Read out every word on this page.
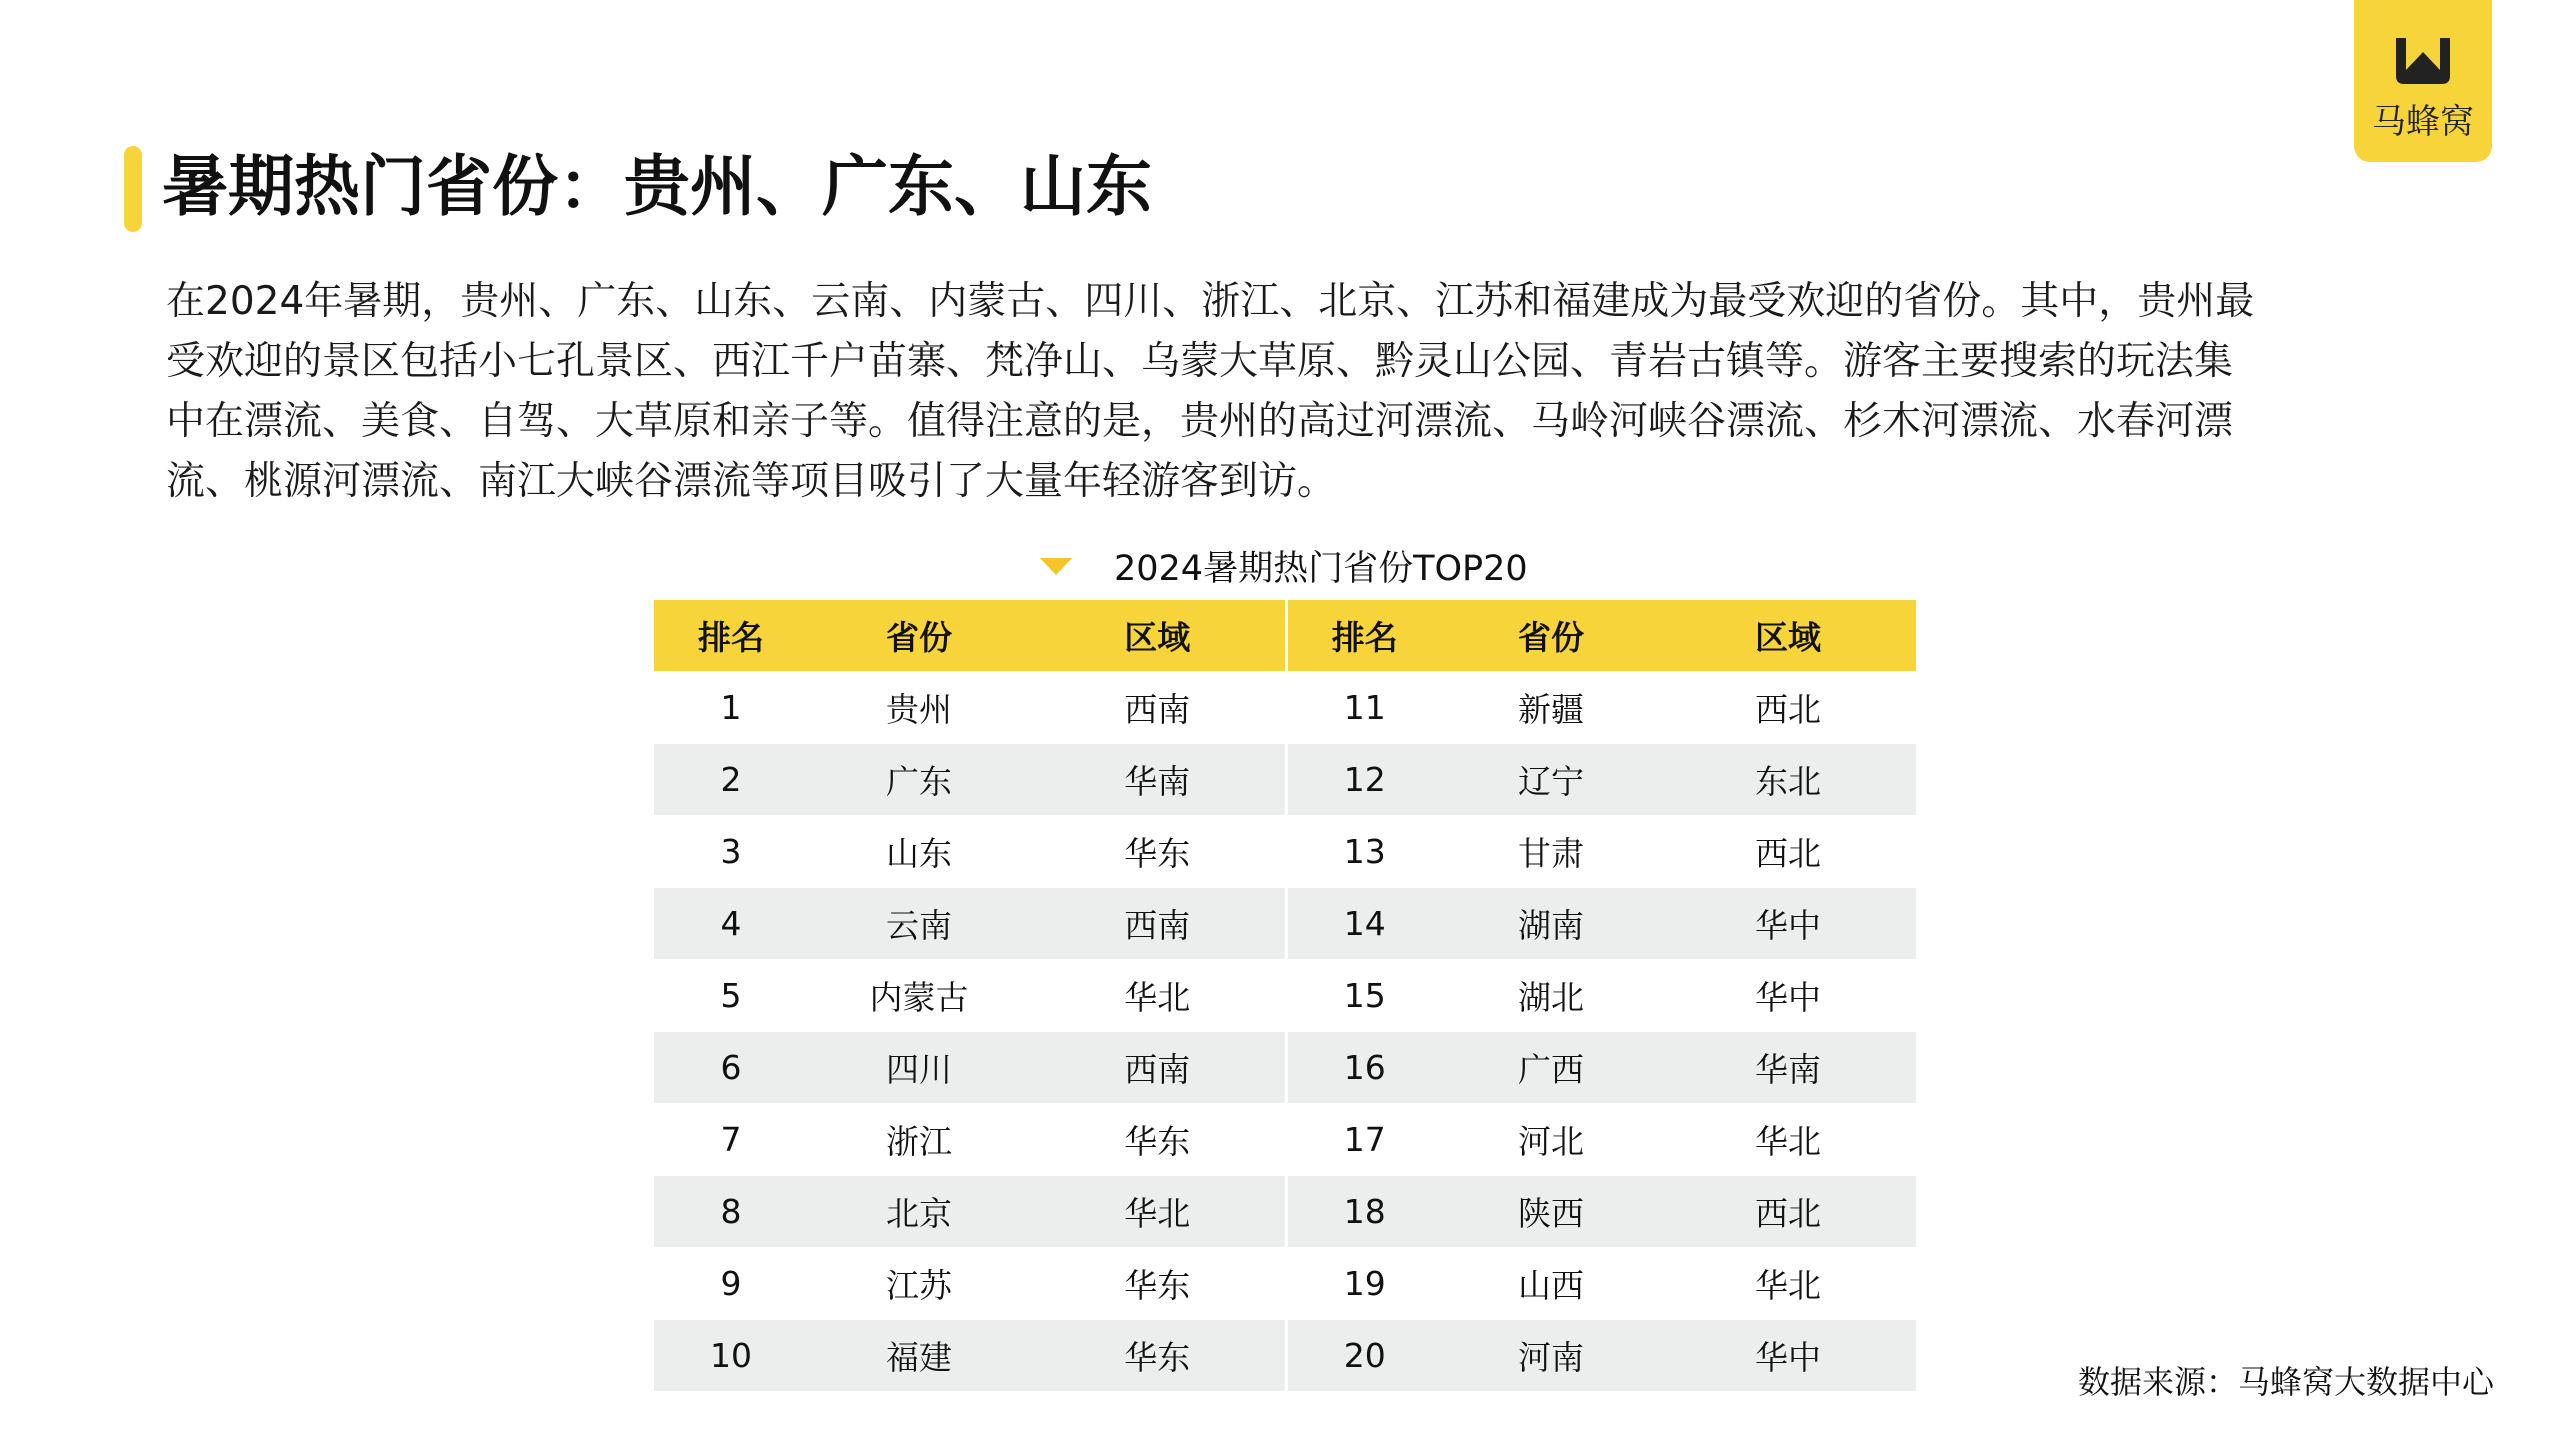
马蜂窝
暑期热门省份：贵州、广东、山东

在2024年暑期，贵州、广东、山东、云南、内蒙古、四川、浙江、北京、江苏和福建成为最受欢迎的省份。其中，贵州最
受欢迎的景区包括小七孔景区、西江千户苗寨、梵净山、乌蒙大草原、黔灵山公园、青岩古镇等。游客主要搜索的玩法集
中在漂流、美食、自驾、大草原和亲子等。值得注意的是，贵州的高过河漂流、马岭河峡谷漂流、杉木河漂流、水春河漂
流、桃源河漂流、南江大峡谷漂流等项目吸引了大量年轻游客到访。

2024暑期热门省份TOP20
排名	省份	区域	排名	省份	区域
1	贵州	西南	11	新疆	西北
2	广东	华南	12	辽宁	东北
3	山东	华东	13	甘肃	西北
4	云南	西南	14	湖南	华中
5	内蒙古	华北	15	湖北	华中
6	四川	西南	16	广西	华南
7	浙江	华东	17	河北	华北
8	北京	华北	18	陕西	西北
9	江苏	华东	19	山西	华北
10	福建	华东	20	河南	华中
数据来源：马蜂窝大数据中心
